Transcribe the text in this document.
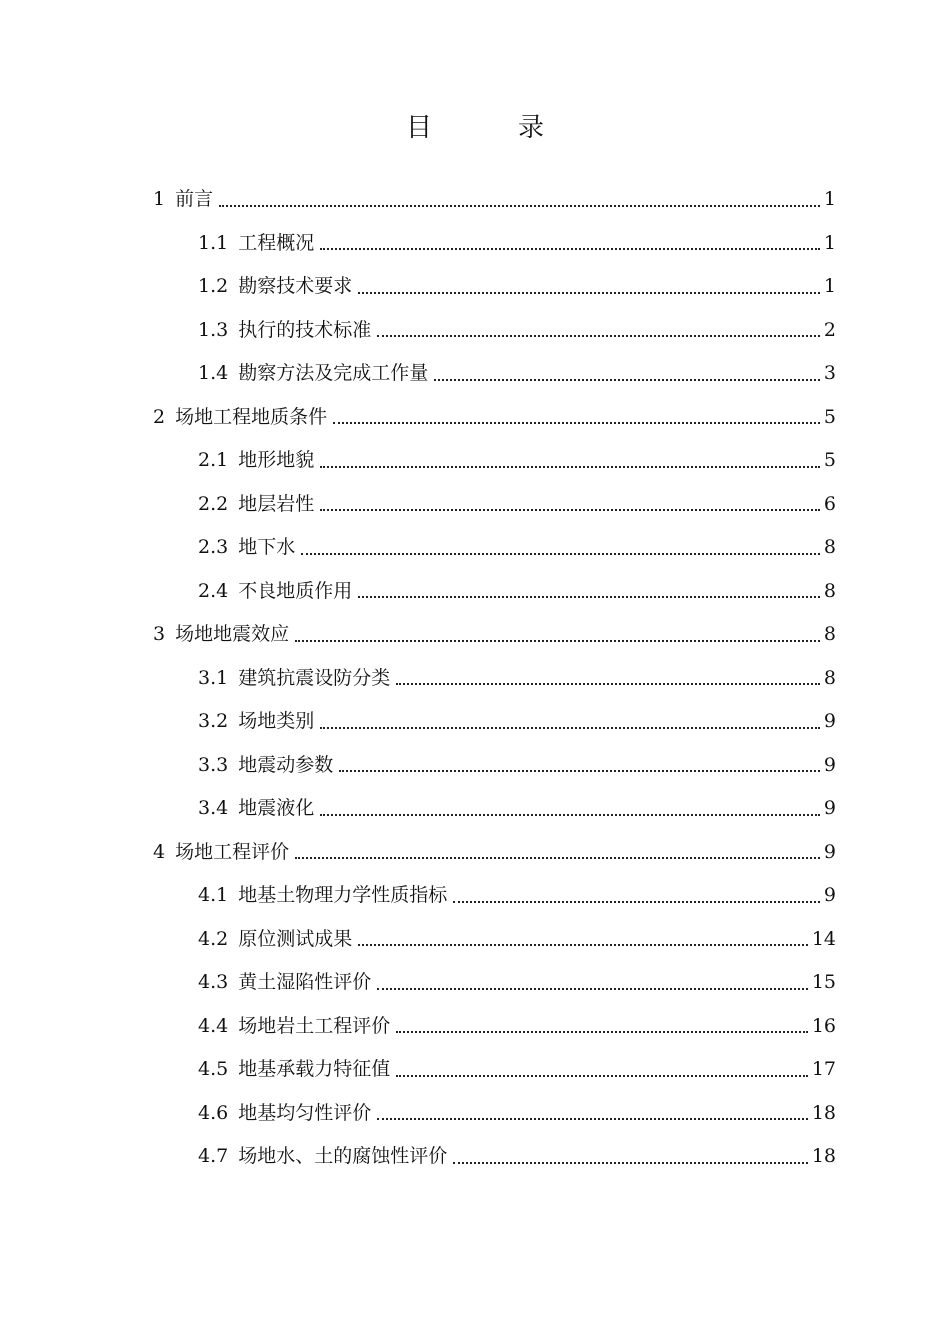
目　录
1 前言	1
1.1 工程概况	1
1.2 勘察技术要求	1
1.3 执行的技术标准	2
1.4 勘察方法及完成工作量	3
2 场地工程地质条件	5
2.1 地形地貌	5
2.2 地层岩性	6
2.3 地下水	8
2.4 不良地质作用	8
3 场地地震效应	8
3.1 建筑抗震设防分类	8
3.2 场地类别	9
3.3 地震动参数	9
3.4 地震液化	9
4 场地工程评价	9
4.1 地基土物理力学性质指标	9
4.2 原位测试成果	14
4.3 黄土湿陷性评价	15
4.4 场地岩土工程评价	16
4.5 地基承载力特征值	17
4.6 地基均匀性评价	18
4.7 场地水、土的腐蚀性评价	18
